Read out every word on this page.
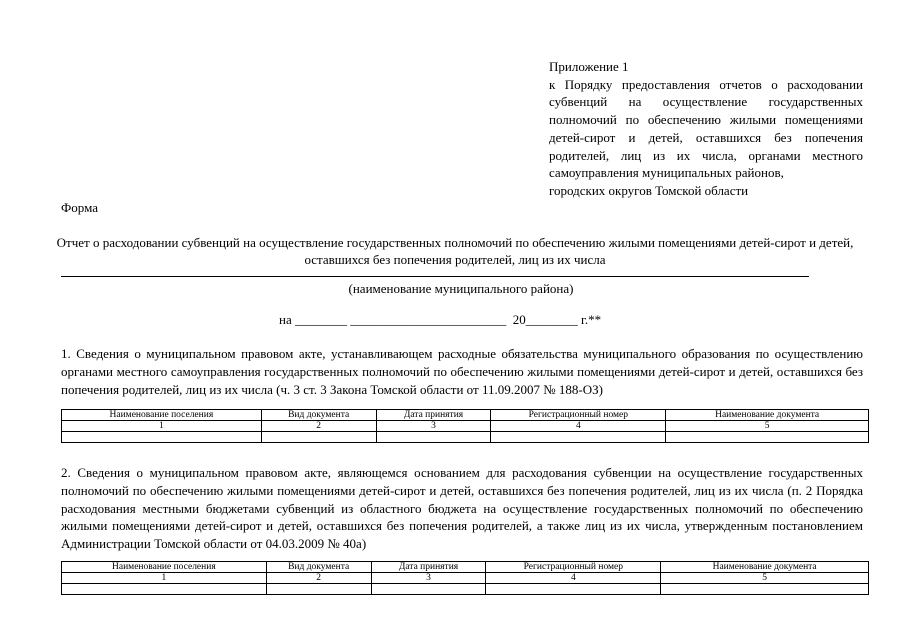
Приложение 1
к Порядку предоставления отчетов о расходовании субвенций на осуществление государственных полномочий по обеспечению жилыми помещениями детей-сирот и детей, оставшихся без попечения родителей, лиц из их числа, органами местного самоуправления муниципальных районов,
городских округов Томской области
Форма
Отчет о расходовании субвенций на осуществление государственных полномочий по обеспечению жилыми помещениями детей-сирот и детей, оставшихся без попечения родителей, лиц из их числа
(наименование муниципального района)
на ________ ________________________  20________ г.**
1. Сведения о муниципальном правовом акте, устанавливающем расходные обязательства муниципального образования по осуществлению органами местного самоуправления государственных полномочий по обеспечению жилыми помещениями детей-сирот и детей, оставшихся без попечения родителей, лиц из их числа (ч. 3 ст. 3 Закона Томской области от 11.09.2007 № 188-ОЗ)
Наименование поселения	Вид документа	Дата принятия	Регистрационный номер	Наименование документа
1	2	3	4	5

2. Сведения о муниципальном правовом акте, являющемся основанием для расходования субвенции на осуществление государственных полномочий по обеспечению жилыми помещениями детей-сирот и детей, оставшихся без попечения родителей, лиц из их числа (п. 2 Порядка расходования местными бюджетами субвенций из областного бюджета на осуществление государственных полномочий по обеспечению жилыми помещениями детей-сирот и детей, оставшихся без попечения родителей, а также лиц из их числа, утвержденным постановлением Администрации Томской области от 04.03.2009 № 40а)
Наименование поселения	Вид документа	Дата принятия	Регистрационный номер	Наименование документа
1	2	3	4	5
